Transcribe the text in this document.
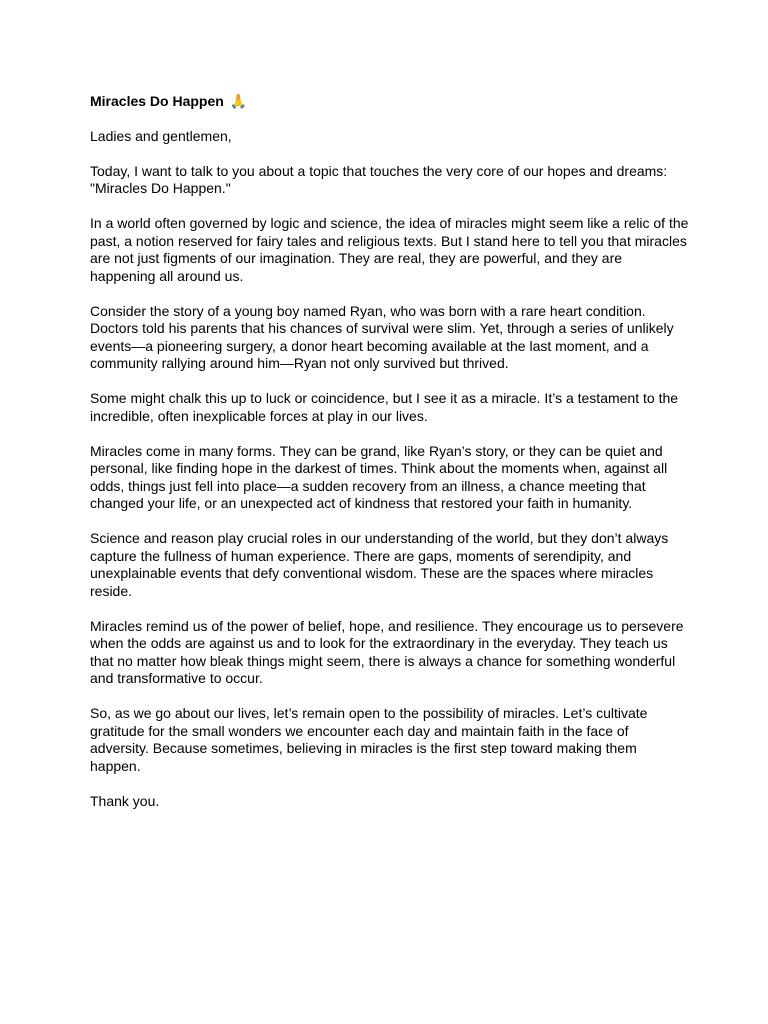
Miracles Do Happen 🙏

Ladies and gentlemen,

Today, I want to talk to you about a topic that touches the very core of our hopes and dreams: "Miracles Do Happen."

In a world often governed by logic and science, the idea of miracles might seem like a relic of the past, a notion reserved for fairy tales and religious texts. But I stand here to tell you that miracles are not just figments of our imagination. They are real, they are powerful, and they are happening all around us.

Consider the story of a young boy named Ryan, who was born with a rare heart condition. Doctors told his parents that his chances of survival were slim. Yet, through a series of unlikely events—a pioneering surgery, a donor heart becoming available at the last moment, and a community rallying around him—Ryan not only survived but thrived.

Some might chalk this up to luck or coincidence, but I see it as a miracle. It’s a testament to the incredible, often inexplicable forces at play in our lives.

Miracles come in many forms. They can be grand, like Ryan’s story, or they can be quiet and personal, like finding hope in the darkest of times. Think about the moments when, against all odds, things just fell into place—a sudden recovery from an illness, a chance meeting that changed your life, or an unexpected act of kindness that restored your faith in humanity.

Science and reason play crucial roles in our understanding of the world, but they don’t always capture the fullness of human experience. There are gaps, moments of serendipity, and unexplainable events that defy conventional wisdom. These are the spaces where miracles reside.

Miracles remind us of the power of belief, hope, and resilience. They encourage us to persevere when the odds are against us and to look for the extraordinary in the everyday. They teach us that no matter how bleak things might seem, there is always a chance for something wonderful and transformative to occur.

So, as we go about our lives, let’s remain open to the possibility of miracles. Let’s cultivate gratitude for the small wonders we encounter each day and maintain faith in the face of adversity. Because sometimes, believing in miracles is the first step toward making them happen.

Thank you.
